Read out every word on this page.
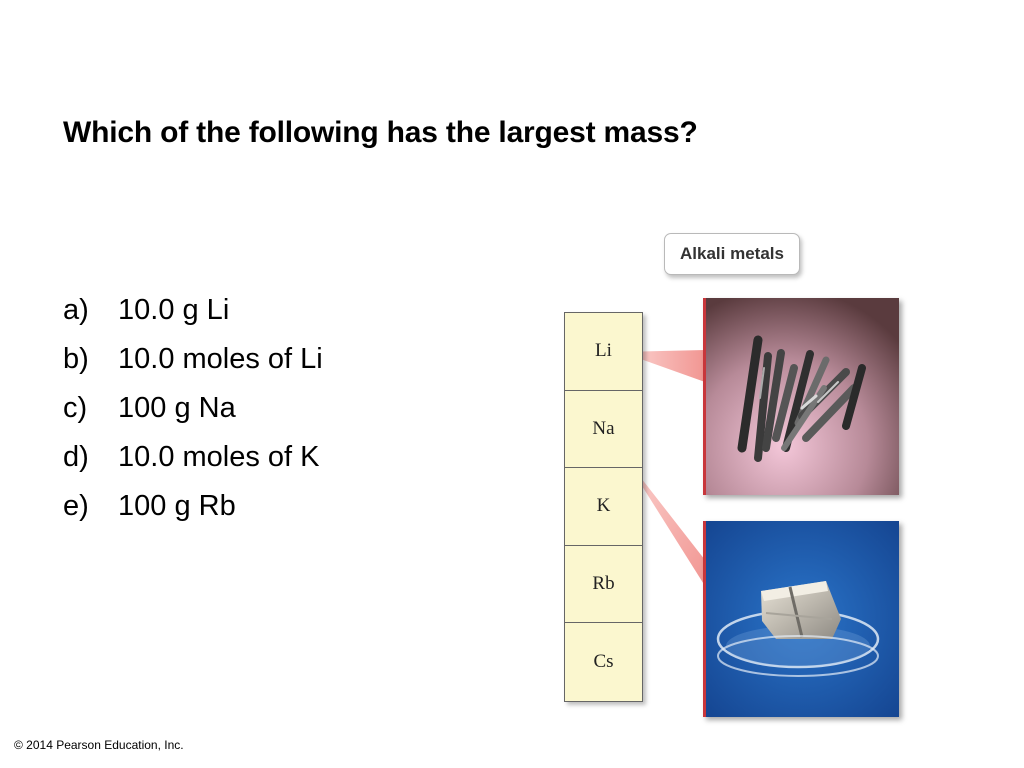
Which of the following has the largest mass?
a) 10.0 g Li
b) 10.0 moles of Li
c) 100 g Na
d) 10.0 moles of K
e) 100 g Rb
Alkali metals
Li
Na
K
Rb
Cs
© 2014 Pearson Education, Inc.
